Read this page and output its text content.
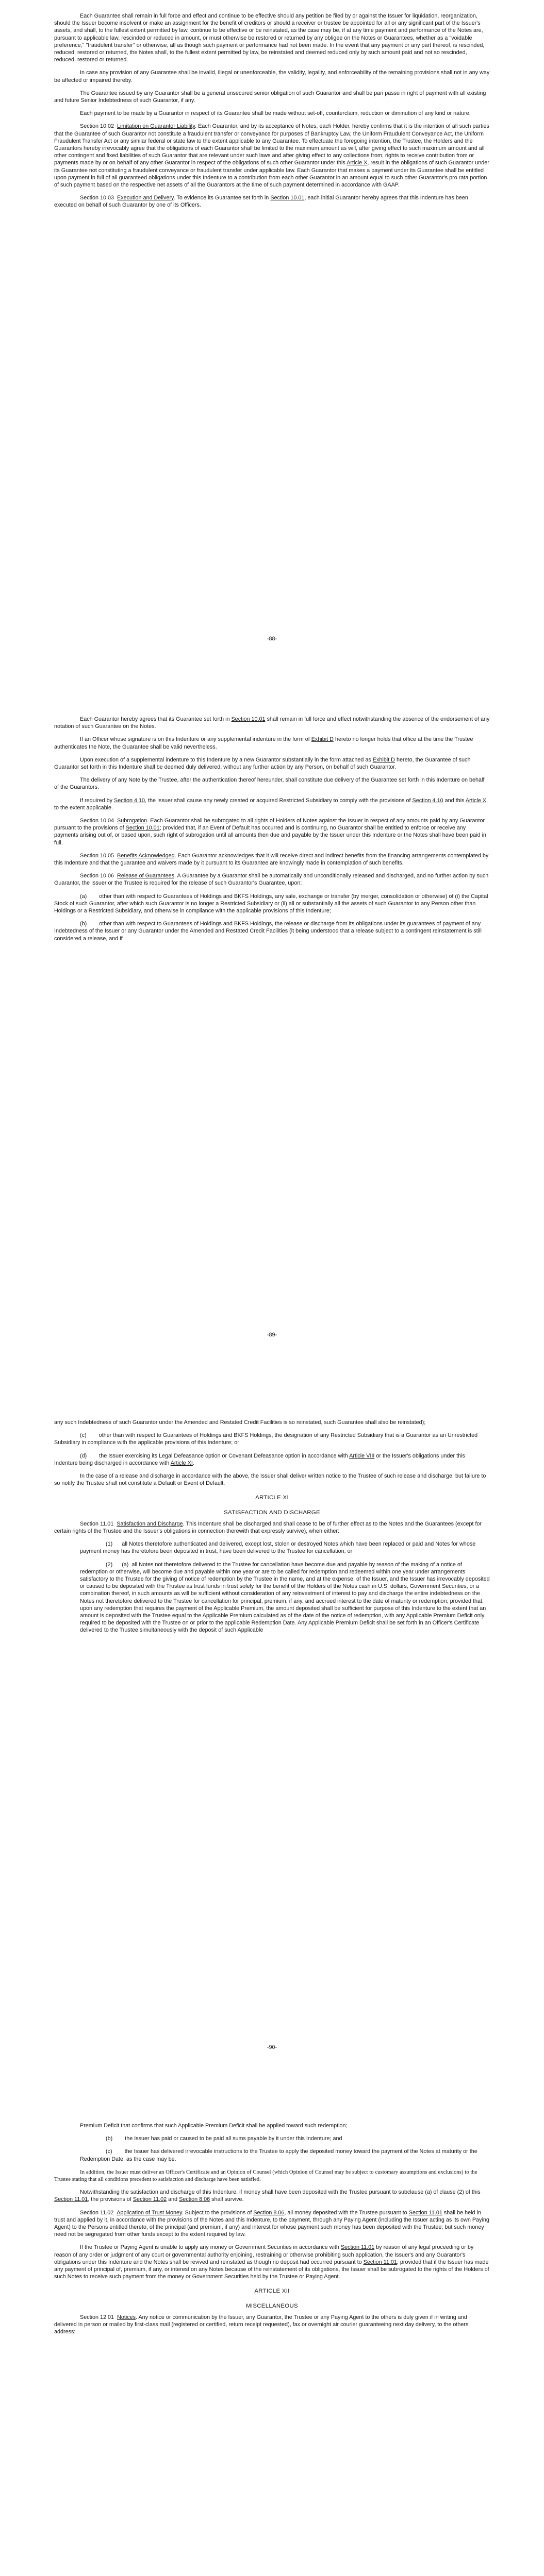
Each Guarantee shall remain in full force and effect and continue to be effective should any petition be filed by or against the Issuer for liquidation, reorganization, should the Issuer become insolvent or make an assignment for the benefit of creditors or should a receiver or trustee be appointed for all or any significant part of the Issuer's assets, and shall, to the fullest extent permitted by law, continue to be effective or be reinstated, as the case may be, if at any time payment and performance of the Notes are, pursuant to applicable law, rescinded or reduced in amount, or must otherwise be restored or returned by any obligee on the Notes or Guarantees, whether as a "voidable preference," "fraudulent transfer" or otherwise, all as though such payment or performance had not been made. In the event that any payment or any part thereof, is rescinded, reduced, restored or returned, the Notes shall, to the fullest extent permitted by law, be reinstated and deemed reduced only by such amount paid and not so rescinded, reduced, restored or returned.

In case any provision of any Guarantee shall be invalid, illegal or unenforceable, the validity, legality, and enforceability of the remaining provisions shall not in any way be affected or impaired thereby.

The Guarantee issued by any Guarantor shall be a general unsecured senior obligation of such Guarantor and shall be pari passu in right of payment with all existing and future Senior Indebtedness of such Guarantor, if any.

Each payment to be made by a Guarantor in respect of its Guarantee shall be made without set-off, counterclaim, reduction or diminution of any kind or nature.

Section 10.02 Limitation on Guarantor Liability. Each Guarantor, and by its acceptance of Notes, each Holder, hereby confirms that it is the intention of all such parties that the Guarantee of such Guarantor not constitute a fraudulent transfer or conveyance for purposes of Bankruptcy Law, the Uniform Fraudulent Conveyance Act, the Uniform Fraudulent Transfer Act or any similar federal or state law to the extent applicable to any Guarantee. To effectuate the foregoing intention, the Trustee, the Holders and the Guarantors hereby irrevocably agree that the obligations of each Guarantor shall be limited to the maximum amount as will, after giving effect to such maximum amount and all other contingent and fixed liabilities of such Guarantor that are relevant under such laws and after giving effect to any collections from, rights to receive contribution from or payments made by or on behalf of any other Guarantor in respect of the obligations of such other Guarantor under this Article X, result in the obligations of such Guarantor under its Guarantee not constituting a fraudulent conveyance or fraudulent transfer under applicable law. Each Guarantor that makes a payment under its Guarantee shall be entitled upon payment in full of all guaranteed obligations under this Indenture to a contribution from each other Guarantor in an amount equal to such other Guarantor's pro rata portion of such payment based on the respective net assets of all the Guarantors at the time of such payment determined in accordance with GAAP.

Section 10.03 Execution and Delivery. To evidence its Guarantee set forth in Section 10.01, each initial Guarantor hereby agrees that this Indenture has been executed on behalf of such Guarantor by one of its Officers.

-88-

Each Guarantor hereby agrees that its Guarantee set forth in Section 10.01 shall remain in full force and effect notwithstanding the absence of the endorsement of any notation of such Guarantee on the Notes.

If an Officer whose signature is on this Indenture or any supplemental indenture in the form of Exhibit D hereto no longer holds that office at the time the Trustee authenticates the Note, the Guarantee shall be valid nevertheless.

Upon execution of a supplemental indenture to this Indenture by a new Guarantor substantially in the form attached as Exhibit D hereto, the Guarantee of such Guarantor set forth in this Indenture shall be deemed duly delivered, without any further action by any Person, on behalf of such Guarantor.

The delivery of any Note by the Trustee, after the authentication thereof hereunder, shall constitute due delivery of the Guarantee set forth in this Indenture on behalf of the Guarantors.

If required by Section 4.10, the Issuer shall cause any newly created or acquired Restricted Subsidiary to comply with the provisions of Section 4.10 and this Article X, to the extent applicable.

Section 10.04 Subrogation. Each Guarantor shall be subrogated to all rights of Holders of Notes against the Issuer in respect of any amounts paid by any Guarantor pursuant to the provisions of Section 10.01; provided that, if an Event of Default has occurred and is continuing, no Guarantor shall be entitled to enforce or receive any payments arising out of, or based upon, such right of subrogation until all amounts then due and payable by the Issuer under this Indenture or the Notes shall have been paid in full.

Section 10.05 Benefits Acknowledged. Each Guarantor acknowledges that it will receive direct and indirect benefits from the financing arrangements contemplated by this Indenture and that the guarantee and waivers made by it pursuant to its Guarantee are knowingly made in contemplation of such benefits.

Section 10.06 Release of Guarantees. A Guarantee by a Guarantor shall be automatically and unconditionally released and discharged, and no further action by such Guarantor, the Issuer or the Trustee is required for the release of such Guarantor's Guarantee, upon:

(a) other than with respect to Guarantees of Holdings and BKFS Holdings, any sale, exchange or transfer (by merger, consolidation or otherwise) of (i) the Capital Stock of such Guarantor, after which such Guarantor is no longer a Restricted Subsidiary or (ii) all or substantially all the assets of such Guarantor to any Person other than Holdings or a Restricted Subsidiary, and otherwise in compliance with the applicable provisions of this Indenture;

(b) other than with respect to Guarantees of Holdings and BKFS Holdings, the release or discharge from its obligations under its guarantees of payment of any Indebtedness of the Issuer or any Guarantor under the Amended and Restated Credit Facilities (it being understood that a release subject to a contingent reinstatement is still considered a release, and if

-89-

any such Indebtedness of such Guarantor under the Amended and Restated Credit Facilities is so reinstated, such Guarantee shall also be reinstated);

(c) other than with respect to Guarantees of Holdings and BKFS Holdings, the designation of any Restricted Subsidiary that is a Guarantor as an Unrestricted Subsidiary in compliance with the applicable provisions of this Indenture; or

(d) the Issuer exercising its Legal Defeasance option or Covenant Defeasance option in accordance with Article VIII or the Issuer's obligations under this Indenture being discharged in accordance with Article XI.

In the case of a release and discharge in accordance with the above, the Issuer shall deliver written notice to the Trustee of such release and discharge, but failure to so notify the Trustee shall not constitute a Default or Event of Default.

ARTICLE XI

SATISFACTION AND DISCHARGE

Section 11.01 Satisfaction and Discharge. This Indenture shall be discharged and shall cease to be of further effect as to the Notes and the Guarantees (except for certain rights of the Trustee and the Issuer's obligations in connection therewith that expressly survive), when either:

(1) all Notes theretofore authenticated and delivered, except lost, stolen or destroyed Notes which have been replaced or paid and Notes for whose payment money has theretofore been deposited in trust, have been delivered to the Trustee for cancellation; or

(2) (a) all Notes not theretofore delivered to the Trustee for cancellation have become due and payable by reason of the making of a notice of redemption or otherwise, will become due and payable within one year or are to be called for redemption and redeemed within one year under arrangements satisfactory to the Trustee for the giving of notice of redemption by the Trustee in the name, and at the expense, of the Issuer, and the Issuer has irrevocably deposited or caused to be deposited with the Trustee as trust funds in trust solely for the benefit of the Holders of the Notes cash in U.S. dollars, Government Securities, or a combination thereof, in such amounts as will be sufficient without consideration of any reinvestment of interest to pay and discharge the entire indebtedness on the Notes not theretofore delivered to the Trustee for cancellation for principal, premium, if any, and accrued interest to the date of maturity or redemption; provided that, upon any redemption that requires the payment of the Applicable Premium, the amount deposited shall be sufficient for purpose of this Indenture to the extent that an amount is deposited with the Trustee equal to the Applicable Premium calculated as of the date of the notice of redemption, with any Applicable Premium Deficit only required to be deposited with the Trustee on or prior to the applicable Redemption Date. Any Applicable Premium Deficit shall be set forth in an Officer's Certificate delivered to the Trustee simultaneously with the deposit of such Applicable

-90-

Premium Deficit that confirms that such Applicable Premium Deficit shall be applied toward such redemption;

(b) the Issuer has paid or caused to be paid all sums payable by it under this Indenture; and

(c) the Issuer has delivered irrevocable instructions to the Trustee to apply the deposited money toward the payment of the Notes at maturity or the Redemption Date, as the case may be.

In addition, the Issuer must deliver an Officer's Certificate and an Opinion of Counsel (which Opinion of Counsel may be subject to customary assumptions and exclusions) to the Trustee stating that all conditions precedent to satisfaction and discharge have been satisfied.

Notwithstanding the satisfaction and discharge of this Indenture, if money shall have been deposited with the Trustee pursuant to subclause (a) of clause (2) of this Section 11.01, the provisions of Section 11.02 and Section 8.06 shall survive.

Section 11.02 Application of Trust Money. Subject to the provisions of Section 8.06, all money deposited with the Trustee pursuant to Section 11.01 shall be held in trust and applied by it, in accordance with the provisions of the Notes and this Indenture, to the payment, through any Paying Agent (including the Issuer acting as its own Paying Agent) to the Persons entitled thereto, of the principal (and premium, if any) and interest for whose payment such money has been deposited with the Trustee; but such money need not be segregated from other funds except to the extent required by law.

If the Trustee or Paying Agent is unable to apply any money or Government Securities in accordance with Section 11.01 by reason of any legal proceeding or by reason of any order or judgment of any court or governmental authority enjoining, restraining or otherwise prohibiting such application, the Issuer's and any Guarantor's obligations under this Indenture and the Notes shall be revived and reinstated as though no deposit had occurred pursuant to Section 11.01; provided that if the Issuer has made any payment of principal of, premium, if any, or interest on any Notes because of the reinstatement of its obligations, the Issuer shall be subrogated to the rights of the Holders of such Notes to receive such payment from the money or Government Securities held by the Trustee or Paying Agent.

ARTICLE XII

MISCELLANEOUS

Section 12.01 Notices. Any notice or communication by the Issuer, any Guarantor, the Trustee or any Paying Agent to the others is duly given if in writing and delivered in person or mailed by first-class mail (registered or certified, return receipt requested), fax or overnight air courier guaranteeing next day delivery, to the others' address:
